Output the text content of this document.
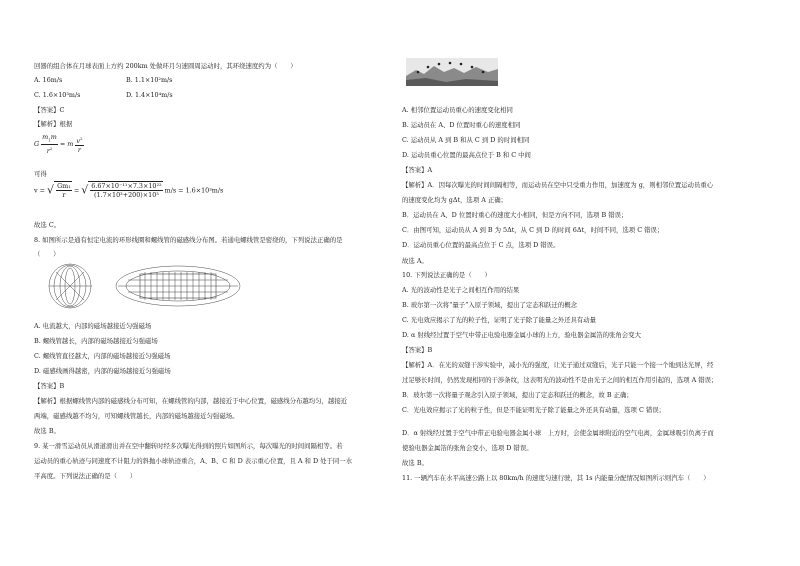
回器的组合体在月球表面上方约 200km 处做环月匀速圆周运动时，其环绕速度约为（　　）
A. 16m/s	B. 1.1×10²m/s
C. 1.6×10³m/s	D. 1.4×10⁴m/s
【答案】C
【解析】根据
G $\frac{m_1m}{r^2} = m \frac{v^2}{r}$
可得
v = √ $\frac{\text{Gm₁}}{r}$ = √ $\frac{\text{6.67×10⁻¹¹×7.3×10²²}}{\text{(1.7×10³+200)×10³}} m/s = 1.6\times 10^3m/s$
故选 C。
8. 如图所示是通有恒定电流的环形线圈和螺线管的磁感线分布图。若通电螺线管是密绕的，下列说法正确的是
（　　）
A. 电流越大，内部的磁场越接近匀强磁场
B. 螺线管越长，内部的磁场越接近匀强磁场
C. 螺线管直径越大，内部的磁场越接近匀强磁场
D. 磁感线画得越密，内部的磁场越接近匀强磁场
【答案】B
【解析】根据螺线管内部的磁感线分布可知，在螺线管的内部，越接近于中心位置，磁感线分布越均匀，越接近
两端，磁感线越不均匀，可知螺线管越长，内部的磁场越接近匀强磁场。
故选 B。
9. 某一滑雪运动员从滑道滑出并在空中翻转时经多次曝光得到的照片如图所示，每次曝光的时间间隔相等。若
运动员的重心轨迹与同速度不计阻力的斜抛小球轨迹重合，A、B、C 和 D 表示重心位置，且 A 和 D 处于同一水
平高度。下列说法正确的是（　　）
A. 相邻位置运动员重心的速度变化相同
B. 运动员在 A、D 位置时重心的速度相同
C. 运动员从 A 到 B 和从 C 到 D 的时间相同
D. 运动员重心位置的最高点位于 B 和 C 中间
【答案】A
【解析】A．因每次曝光的时间间隔相等，而运动员在空中只受重力作用，加速度为 g，则相邻位置运动员重心
的速度变化均为 gΔt，选项 A 正确；
B．运动员在 A、D 位置时重心的速度大小相同，但是方向不同，选项 B 错误；
C．由图可知，运动员从 A 到 B 为 5Δt，从 C 到 D 的时间 6Δt，时间不同，选项 C 错误；
D．运动员重心位置的最高点位于 C 点，选项 D 错误。
故选 A。
10. 下列说法正确的是（　　）
A. 光的波动性是光子之间相互作用的结果
B. 玻尔第一次将“量子”入原子领域，提出了定态和跃迁的概念
C. 光电效应揭示了光的粒子性，证明了光子除了能量之外还具有动量
D. α 射线经过置于空气中带正电验电器金属小球的上方，验电器金属箔的张角会变大
【答案】B
【解析】A．在光的双缝干涉实验中，减小光的强度，让光子通过双缝后，光子只能一个接一个地到达光屏，经
过足够长时间，仍然发现相同的干涉条纹，这表明光的波动性不是由光子之间的相互作用引起的，选项 A 错误；
B．玻尔第一次将量子观念引入原子领域，提出了定态和跃迁的概念，故 B 正确；
C．光电效应揭示了光的粒子性，但是不能证明光子除了能量之外还具有动量，选项 C 错误；
D．α 射线经过置于空气中带正电验电器金属小球　上方时，会使金属球附近的空气电离，金属球吸引负离子而
使验电器金属箔的张角会变小，选项 D 错误。
故选 B。
11. 一辆汽车在水平高速公路上以 80km/h 的速度匀速行驶，其 1s 内能量分配情况如图所示则汽车（　　）
